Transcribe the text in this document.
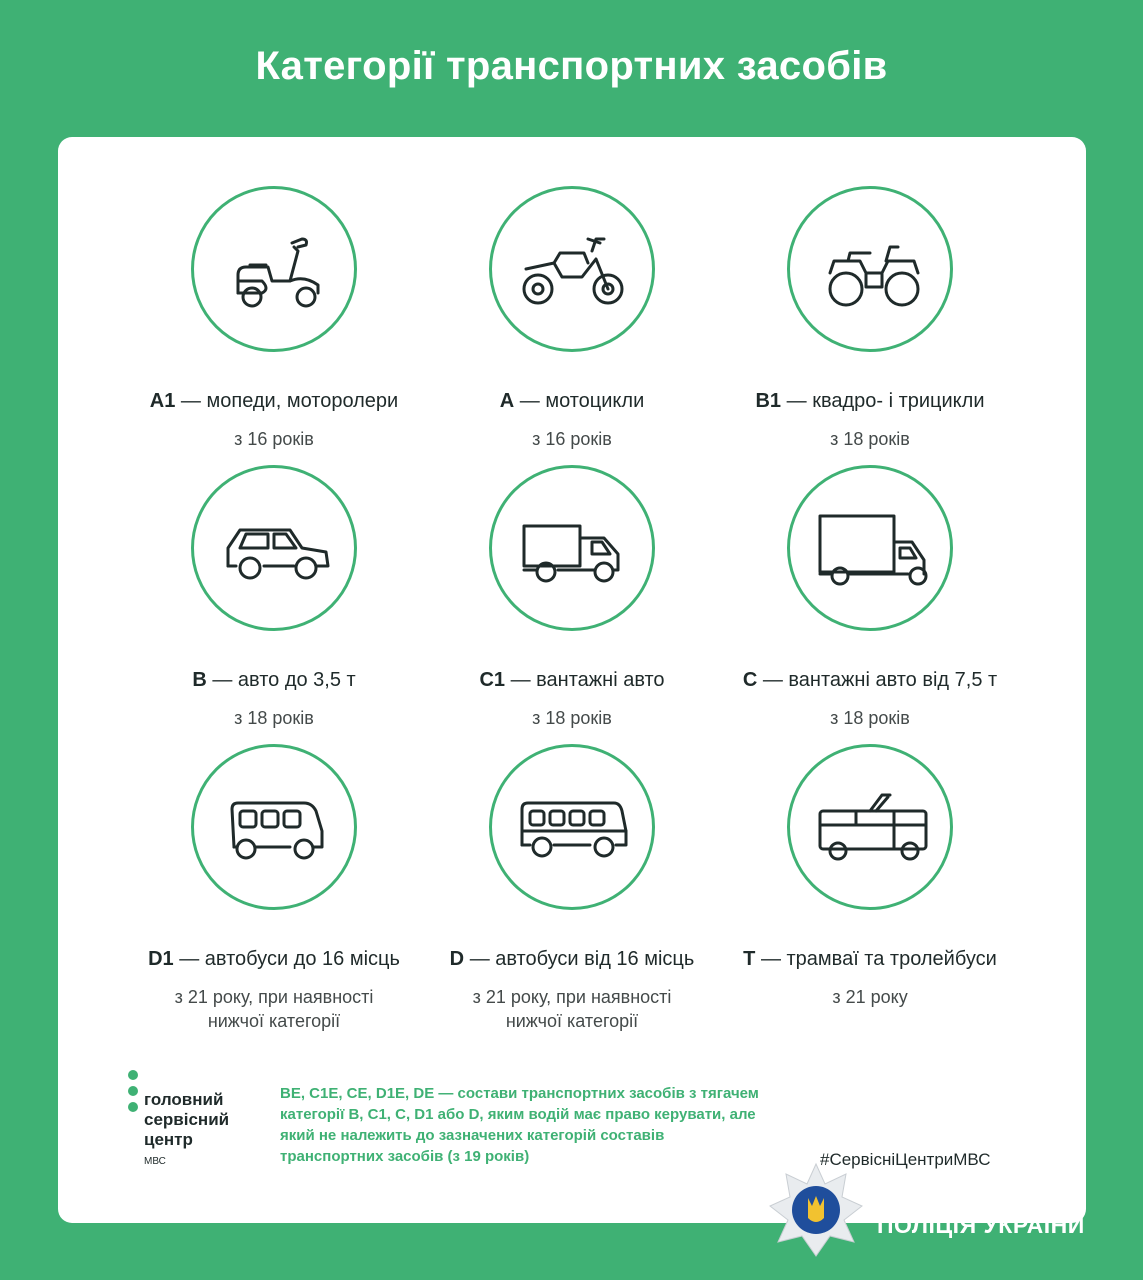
Категорії транспортних засобів
A1 — мопеди, моторолери
з 16 років
A — мотоцикли
з 16 років
B1 — квадро- і трицикли
з 18 років
B — авто до 3,5 т
з 18 років
C1 — вантажні авто
з 18 років
C — вантажні авто від 7,5 т
з 18 років
D1 — автобуси до 16 місць
з 21 року, при наявності
нижчої категорії
D — автобуси від 16 місць
з 21 року, при наявності
нижчої категорії
T — трамваї та тролейбуси
з 21 року
головний
сервісний
центр
МВС
BE, C1E, CE, D1E, DE — состави транспортних засобів з тягачем категорії B, C1, C, D1 або D, яким водій має право керувати, але який не належить до зазначених категорій составів транспортних засобів (з 19 років)	#СервісніЦентриМВС
НАЦІОНАЛЬНА
ПОЛІЦІЯ УКРАЇНИ
